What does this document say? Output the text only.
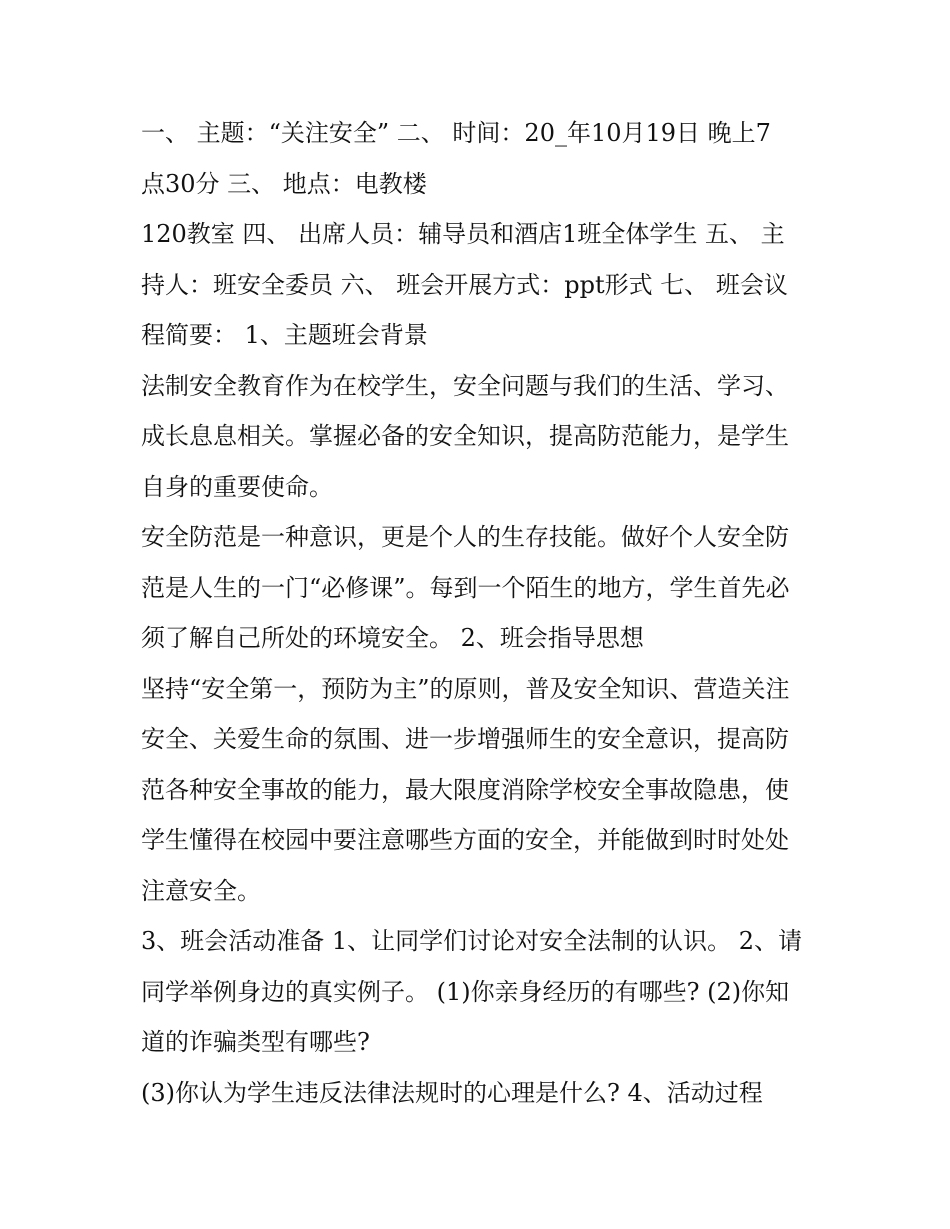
一、 主题：“关注安全” 二、 时间：20_年10月19日 晚上7
点30分 三、 地点：电教楼
120教室 四、 出席人员：辅导员和酒店1班全体学生 五、 主
持人：班安全委员 六、 班会开展方式：ppt形式 七、 班会议
程简要： 1、主题班会背景
法制安全教育作为在校学生，安全问题与我们的生活、学习、
成长息息相关。掌握必备的安全知识，提高防范能力，是学生
自身的重要使命。
安全防范是一种意识，更是个人的生存技能。做好个人安全防
范是人生的一门“必修课”。每到一个陌生的地方，学生首先必
须了解自己所处的环境安全。 2、班会指导思想
坚持“安全第一，预防为主”的原则，普及安全知识、营造关注
安全、关爱生命的氛围、进一步增强师生的安全意识，提高防
范各种安全事故的能力，最大限度消除学校安全事故隐患，使
学生懂得在校园中要注意哪些方面的安全，并能做到时时处处
注意安全。
3、班会活动准备 1、让同学们讨论对安全法制的认识。 2、请
同学举例身边的真实例子。 (1)你亲身经历的有哪些? (2)你知
道的诈骗类型有哪些?
(3)你认为学生违反法律法规时的心理是什么? 4、活动过程
